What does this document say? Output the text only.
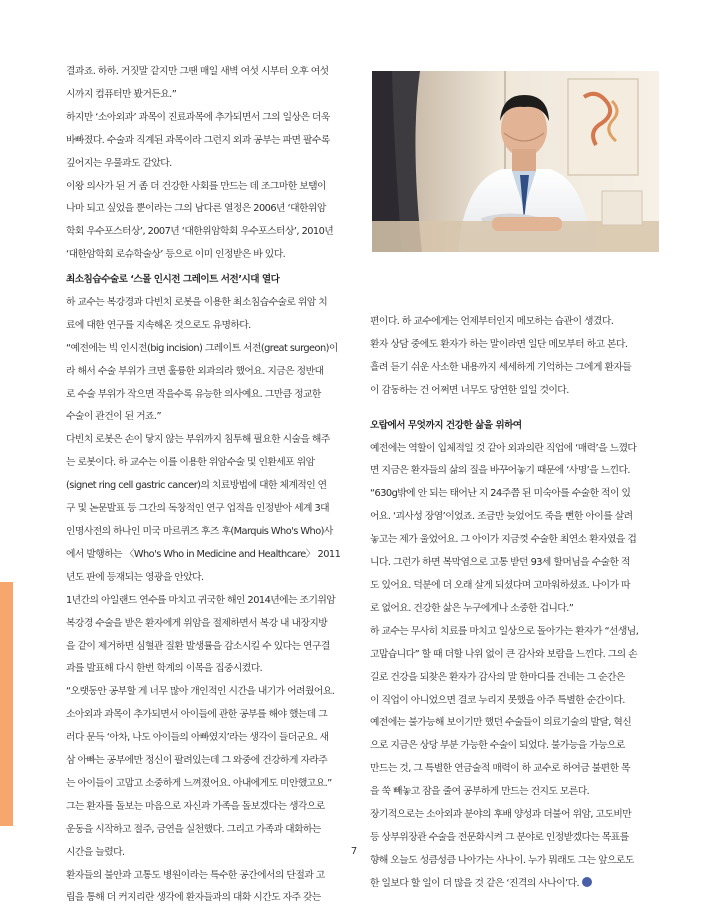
결과죠. 하하. 거짓말 같지만 그땐 매일 새벽 여섯 시부터 오후 여섯

시까지 컴퓨터만 봤거든요.”

하지만 ‘소아외과’ 과목이 진료과목에 추가되면서 그의 일상은 더욱

바빠졌다. 수술과 직계된 과목이라 그런지 외과 공부는 파면 팔수록

깊어지는 우물과도 같았다.

이왕 의사가 된 거 좀 더 건강한 사회를 만드는 데 조그마한 보탬이

나마 되고 싶었을 뿐이라는 그의 남다른 열정은 2006년 ‘대한위암

학회 우수포스터상’, 2007년 ‘대한위암학회 우수포스터상’, 2010년

‘대한암학회 로슈학술상’ 등으로 이미 인정받은 바 있다.

최소침습수술로 ‘스몰 인시전 그레이트 서전’시대 열다

하 교수는 복강경과 다빈치 로봇을 이용한 최소침습수술로 위암 치

료에 대한 연구를 지속해온 것으로도 유명하다.

“예전에는 빅 인시전(big incision) 그레이트 서전(great surgeon)이

라 해서 수술 부위가 크면 훌륭한 외과의라 했어요. 지금은 정반대

로 수술 부위가 작으면 작을수록 유능한 의사예요. 그만큼 정교한

수술이 관건이 된 거죠.”

다빈치 로봇은 손이 닿지 않는 부위까지 침투해 필요한 시술을 해주

는 로봇이다. 하 교수는 이를 이용한 위암수술 및 인환세포 위암

(signet ring cell gastric cancer)의 치료방법에 대한 체계적인 연

구 및 논문발표 등 그간의 독창적인 연구 업적을 인정받아 세계 3대

인명사전의 하나인 미국 마르퀴즈 후즈 후(Marquis Who's Who)사

에서 발행하는 〈Who's Who in Medicine and Healthcare〉 2011

년도 판에 등재되는 영광을 안았다.

1년간의 아일랜드 연수를 마치고 귀국한 해인 2014년에는 조기위암

복강경 수술을 받은 환자에게 위암을 절제하면서 복강 내 내장지방

을 같이 제거하면 심혈관 질환 발생률을 감소시킬 수 있다는 연구결

과를 발표해 다시 한번 학계의 이목을 집중시켰다.

“오랫동안 공부할 게 너무 많아 개인적인 시간을 내기가 어려웠어요.

소아외과 과목이 추가되면서 아이들에 관한 공부를 해야 했는데 그

러다 문득 ‘아차, 나도 아이들의 아빠였지’라는 생각이 들더군요. 새

삼 아빠는 공부에만 정신이 팔려있는데 그 와중에 건강하게 자라주

는 아이들이 고맙고 소중하게 느껴졌어요. 아내에게도 미안했고요.”

그는 환자를 돌보는 마음으로 자신과 가족을 돌보겠다는 생각으로

운동을 시작하고 절주, 금연을 실천했다. 그리고 가족과 대화하는

시간을 늘렸다.

환자들의 불안과 고통도 병원이라는 특수한 공간에서의 단절과 고

립을 통해 더 커지리란 생각에 환자들과의 대화 시간도 자주 갖는

편이다. 하 교수에게는 언제부터인지 메모하는 습관이 생겼다.

환자 상담 중에도 환자가 하는 말이라면 일단 메모부터 하고 본다.

흘려 듣기 쉬운 사소한 내용까지 세세하게 기억하는 그에게 환자들

이 감동하는 건 어쩌면 너무도 당연한 일일 것이다.

오랍에서 무엇까지 건강한 삶을 위하여

예전에는 역할이 입체적일 것 같아 외과의란 직업에 ‘매력’을 느꼈다

면 지금은 환자들의 삶의 질을 바꾸어놓기 때문에 ‘사명’을 느낀다.

“630g밖에 안 되는 태어난 지 24주쯤 된 미숙아를 수술한 적이 있

어요. ‘괴사성 장염’이었죠. 조금만 늦었어도 죽을 뻔한 아이를 살려

놓고는 제가 울었어요. 그 아이가 지금껏 수술한 최연소 환자였을 겁

니다. 그런가 하면 복막염으로 고통 받던 93세 할머님을 수술한 적

도 있어요. 덕분에 더 오래 살게 되셨다며 고마워하셨죠. 나이가 따

로 없어요. 건강한 삶은 누구에게나 소중한 겁니다.”

하 교수는 무사히 치료를 마치고 일상으로 돌아가는 환자가 “선생님,

고맙습니다” 할 때 더할 나위 없이 큰 감사와 보람을 느낀다. 그의 손

길로 건강을 되찾은 환자가 감사의 말 한마디를 건네는 그 순간은

이 직업이 아니었으면 결코 누리지 못했을 아주 특별한 순간이다.

예전에는 불가능해 보이기만 했던 수술들이 의료기술의 발달, 혁신

으로 지금은 상당 부분 가능한 수술이 되었다. 불가능을 가능으로

만드는 것, 그 특별한 연금술적 매력이 하 교수로 하여금 불편한 목

을 쑥 빼놓고 잠을 줄여 공부하게 만드는 건지도 모른다.

장기적으로는 소아외과 분야의 후배 양성과 더불어 위암, 고도비만

등 상부위장관 수술을 전문화시켜 그 분야로 인정받겠다는 목표를

향해 오늘도 성큼성큼 나아가는 사나이. 누가 뭐래도 그는 앞으로도

한 일보다 할 일이 더 많을 것 같은 ‘진격의 사나이’다.

7
